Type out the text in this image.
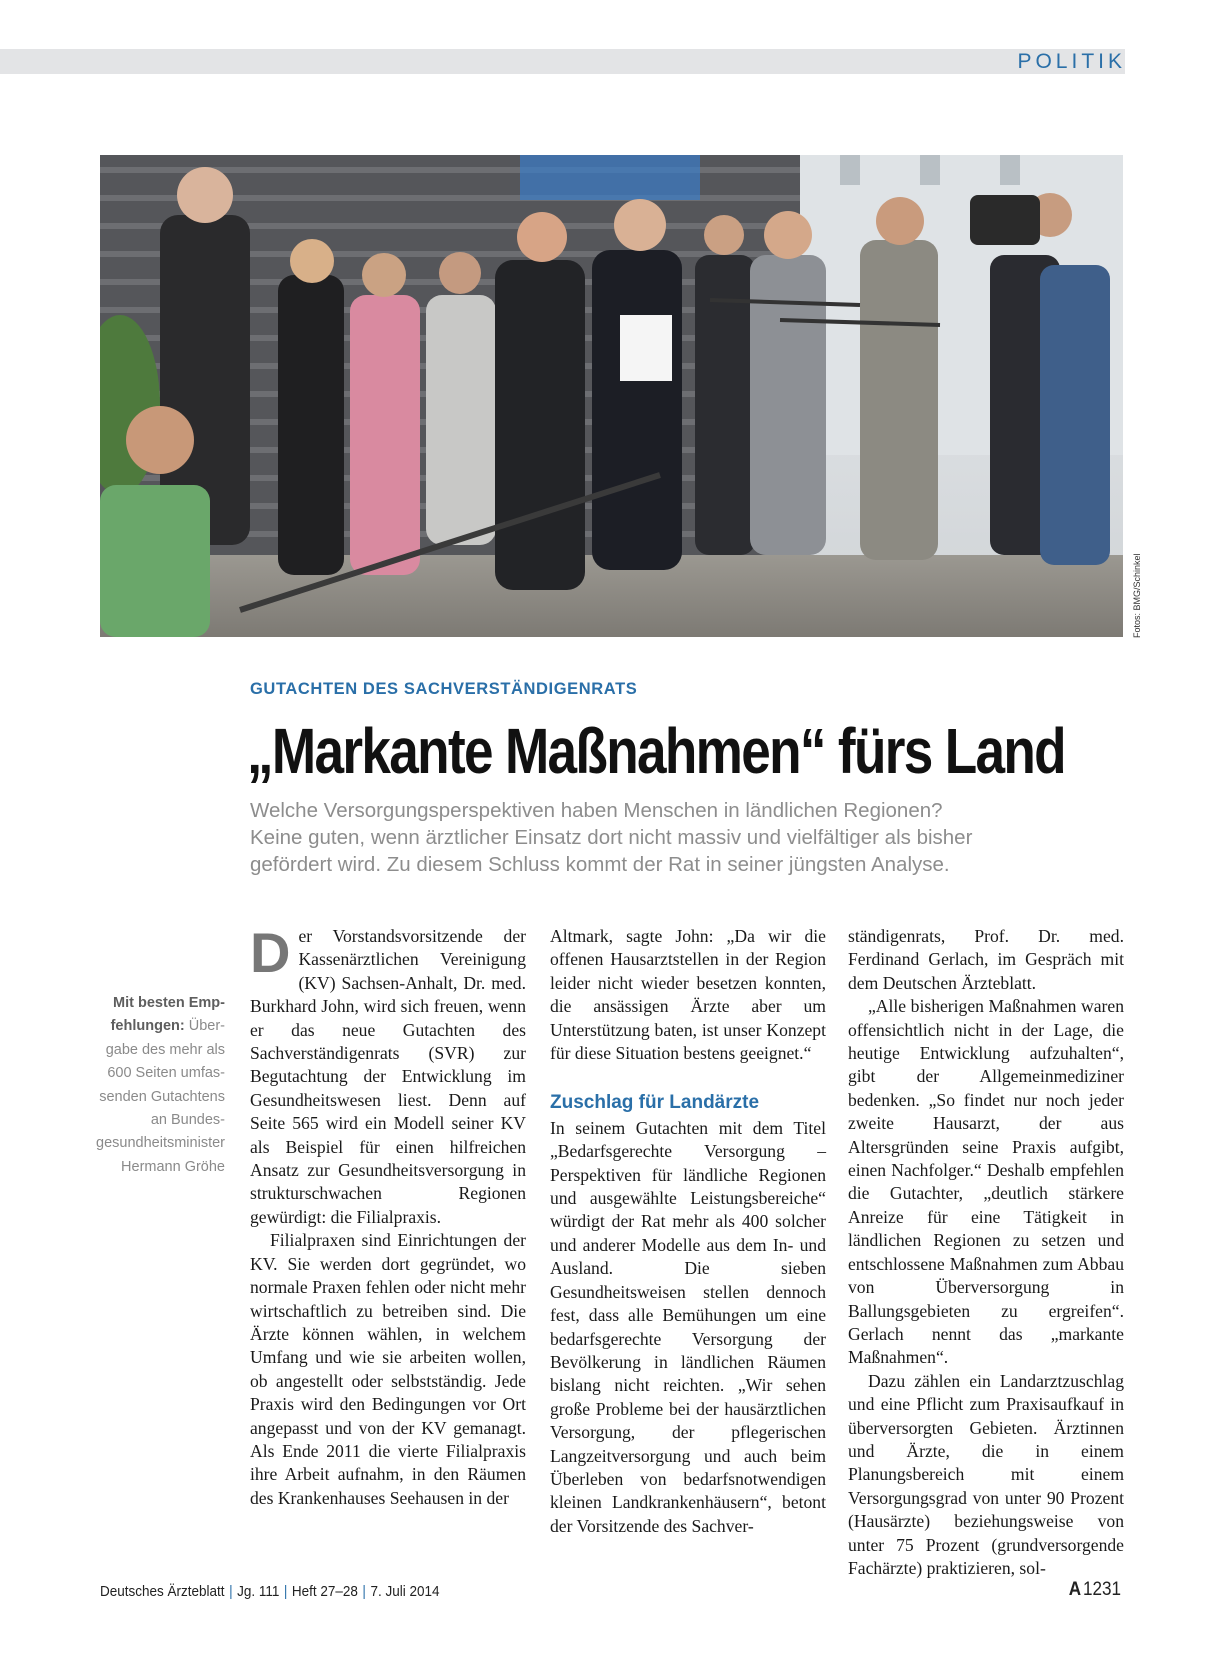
POLITIK
Fotos: BMG/Schinkel
GUTACHTEN DES SACHVERSTÄNDIGENRATS
„Markante Maßnahmen“ fürs Land
Welche Versorgungsperspektiven haben Menschen in ländlichen Regionen?
Keine guten, wenn ärztlicher Einsatz dort nicht massiv und vielfältiger als bisher
gefördert wird. Zu diesem Schluss kommt der Rat in seiner jüngsten Analyse.
Mit besten Emp-
fehlungen: Über-
gabe des mehr als
600 Seiten umfas-
senden Gutachtens
an Bundes-
gesundheitsminister
Hermann Gröhe

Der Vorstandsvorsitzende der Kassenärztlichen Vereinigung (KV) Sachsen-Anhalt, Dr. med. Burkhard John, wird sich freuen, wenn er das neue Gutachten des Sachverständigenrats (SVR) zur Begutachtung der Entwicklung im Gesundheitswesen liest. Denn auf Seite 565 wird ein Modell seiner KV als Beispiel für einen hilfreichen Ansatz zur Gesundheitsversorgung in strukturschwachen Regionen gewürdigt: die Filialpraxis.

Filialpraxen sind Einrichtungen der KV. Sie werden dort gegründet, wo normale Praxen fehlen oder nicht mehr wirtschaftlich zu betreiben sind. Die Ärzte können wählen, in welchem Umfang und wie sie arbeiten wollen, ob angestellt oder selbstständig. Jede Praxis wird den Bedingungen vor Ort angepasst und von der KV gemanagt. Als Ende 2011 die vierte Filialpraxis ihre Arbeit aufnahm, in den Räumen des Krankenhauses Seehausen in der

Altmark, sagte John: „Da wir die offenen Hausarztstellen in der Region leider nicht wieder besetzen konnten, die ansässigen Ärzte aber um Unterstützung baten, ist unser Konzept für diese Situation bestens geeignet.“

Zuschlag für Landärzte

In seinem Gutachten mit dem Titel „Bedarfsgerechte Versorgung – Perspektiven für ländliche Regionen und ausgewählte Leistungsbereiche“ würdigt der Rat mehr als 400 solcher und anderer Modelle aus dem In- und Ausland. Die sieben Gesundheitsweisen stellen dennoch fest, dass alle Bemühungen um eine bedarfsgerechte Versorgung der Bevölkerung in ländlichen Räumen bislang nicht reichten. „Wir sehen große Probleme bei der hausärztlichen Versorgung, der pflegerischen Langzeitversorgung und auch beim Überleben von bedarfsnotwendigen kleinen Landkrankenhäusern“, betont der Vorsitzende des Sachver-

ständigenrats, Prof. Dr. med. Ferdinand Gerlach, im Gespräch mit dem Deutschen Ärzteblatt.

„Alle bisherigen Maßnahmen waren offensichtlich nicht in der Lage, die heutige Entwicklung aufzuhalten“, gibt der Allgemeinmediziner bedenken. „So findet nur noch jeder zweite Hausarzt, der aus Altersgründen seine Praxis aufgibt, einen Nachfolger.“ Deshalb empfehlen die Gutachter, „deutlich stärkere Anreize für eine Tätigkeit in ländlichen Regionen zu setzen und entschlossene Maßnahmen zum Abbau von Überversorgung in Ballungsgebieten zu ergreifen“. Gerlach nennt das „markante Maßnahmen“.

Dazu zählen ein Landarztzuschlag und eine Pflicht zum Praxisaufkauf in überversorgten Gebieten. Ärztinnen und Ärzte, die in einem Planungsbereich mit einem Versorgungsgrad von unter 90 Prozent (Hausärzte) beziehungsweise von unter 75 Prozent (grundversorgende Fachärzte) praktizieren, sol-

Deutsches Ärzteblatt | Jg. 111 | Heft 27–28 | 7. Juli 2014	A1231
